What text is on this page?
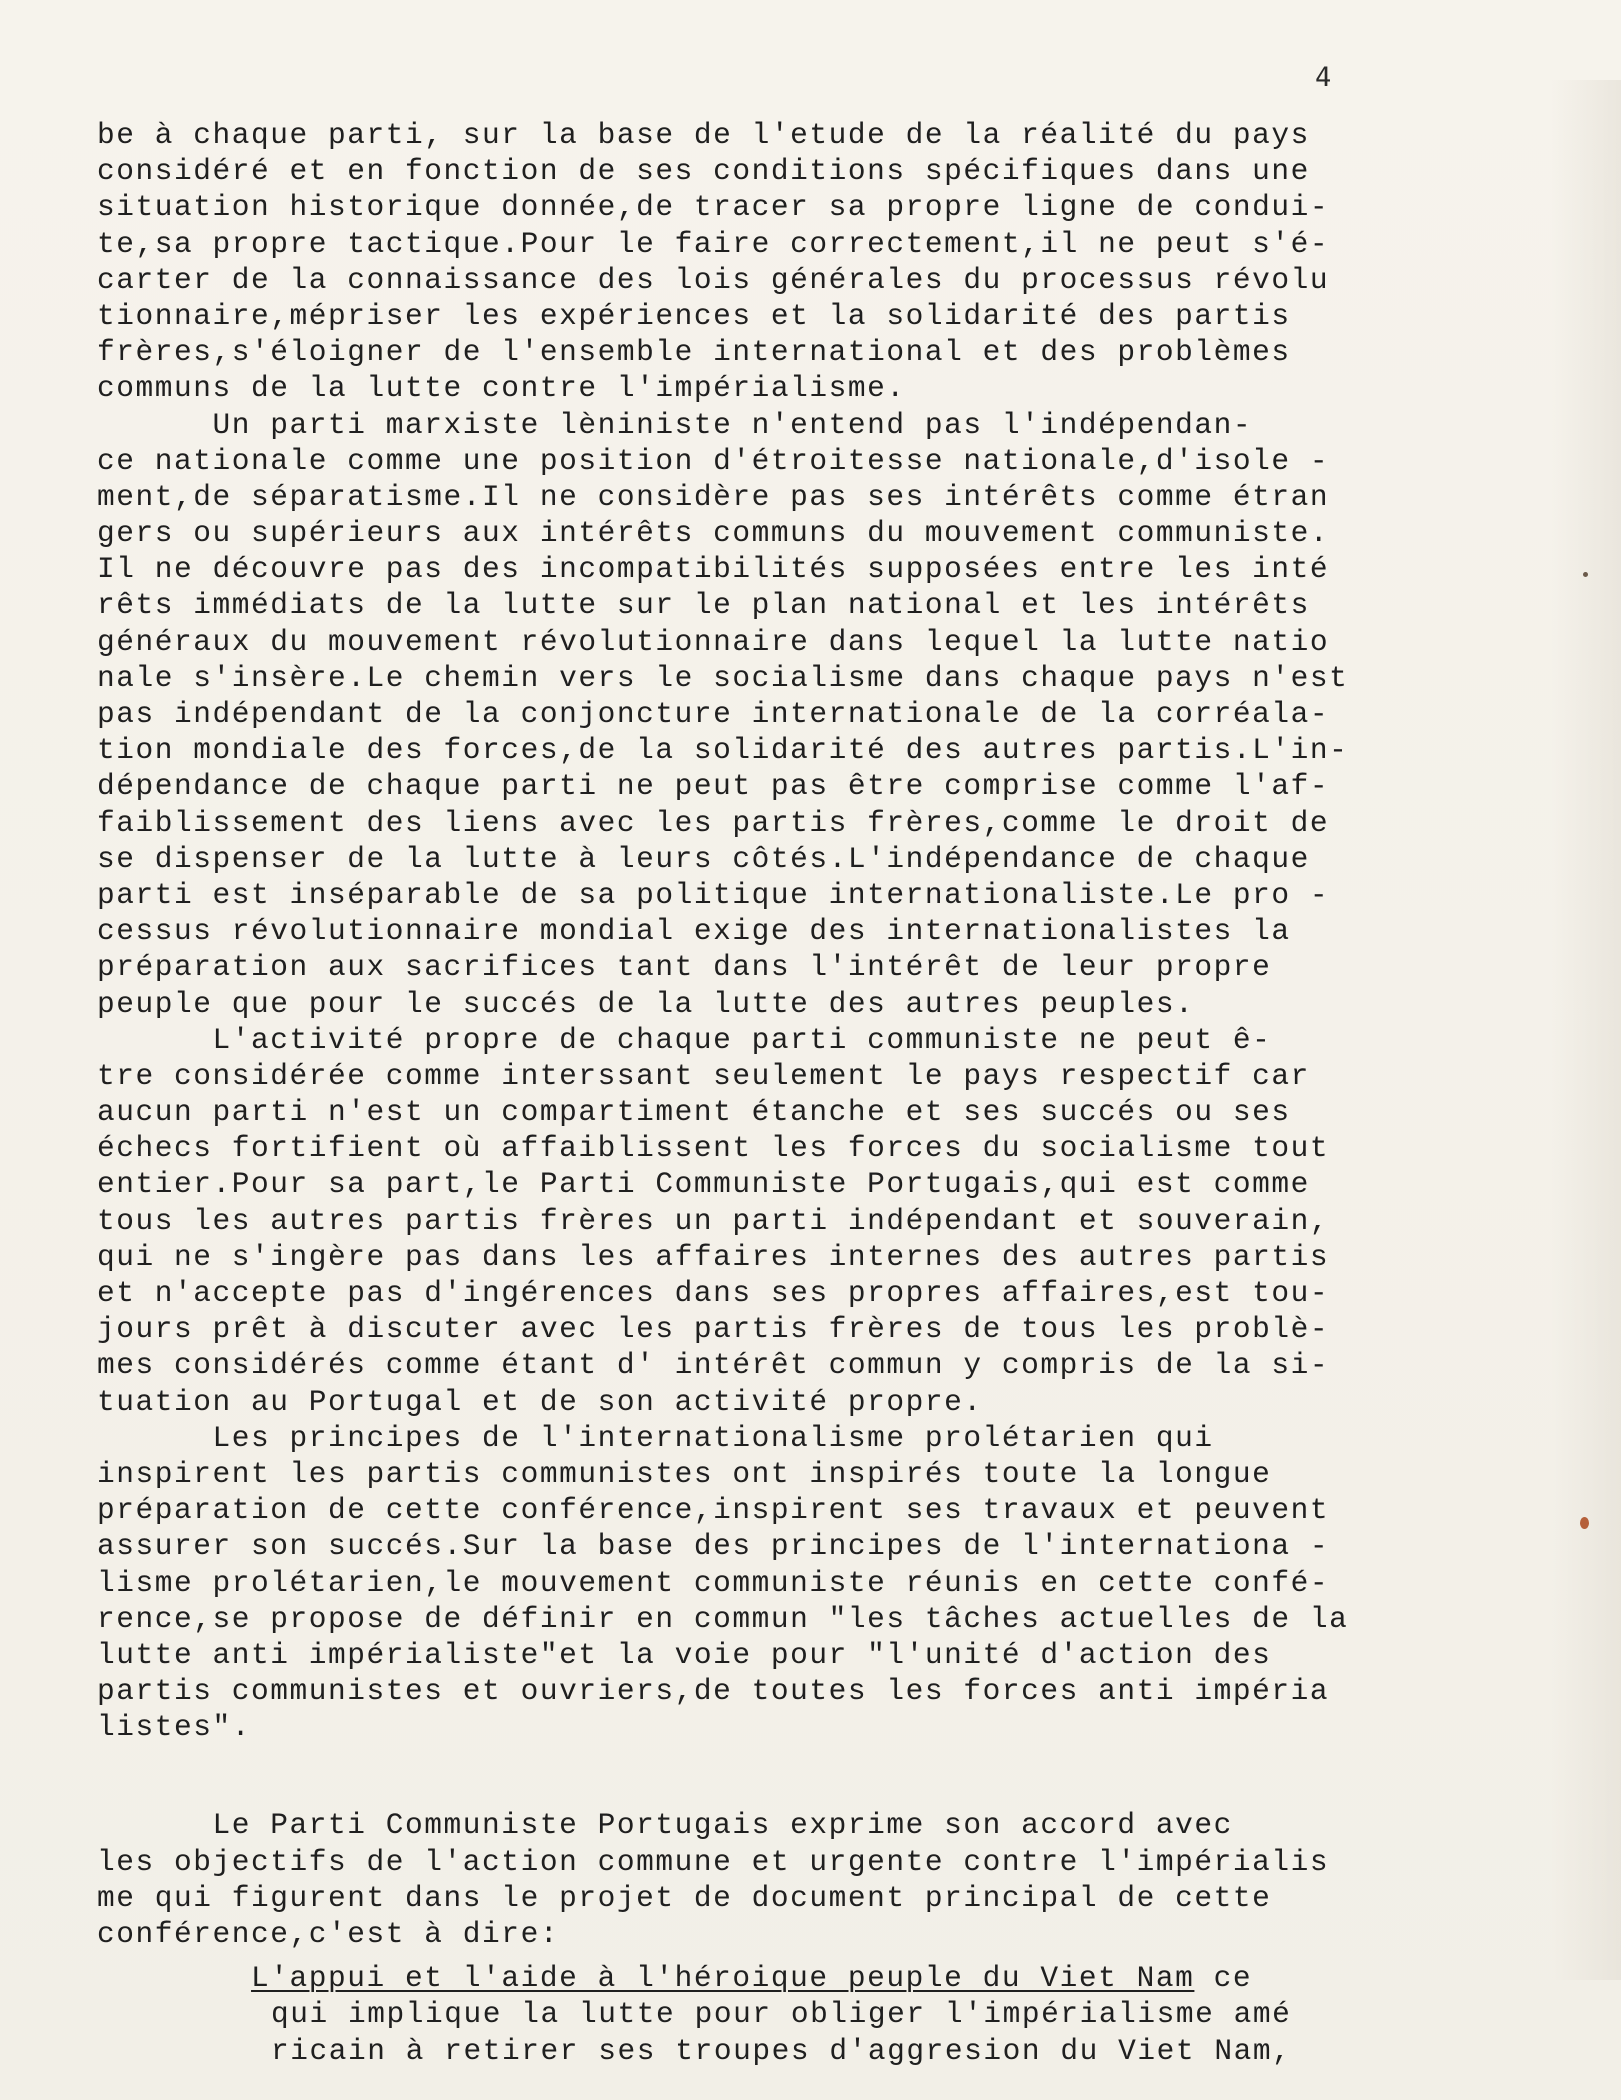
4
be à chaque parti, sur la base de l'etude de la réalité du pays
considéré et en fonction de ses conditions spécifiques dans une
situation historique donnée,de tracer sa propre ligne de condui-
te,sa propre tactique.Pour le faire correctement,il ne peut s'é-
carter de la connaissance des lois générales du processus révolu
tionnaire,mépriser les expériences et la solidarité des partis
frères,s'éloigner de l'ensemble international et des problèmes
communs de la lutte contre l'impérialisme.
Un parti marxiste lèniniste n'entend pas l'indépendan-
ce nationale comme une position d'étroitesse nationale,d'isole -
ment,de séparatisme.Il ne considère pas ses intérêts comme étran
gers ou supérieurs aux intérêts communs du mouvement communiste.
Il ne découvre pas des incompatibilités supposées entre les inté
rêts immédiats de la lutte sur le plan national et les intérêts
généraux du mouvement révolutionnaire dans lequel la lutte natio
nale s'insère.Le chemin vers le socialisme dans chaque pays n'est
pas indépendant de la conjoncture internationale de la corréala-
tion mondiale des forces,de la solidarité des autres partis.L'in-
dépendance de chaque parti ne peut pas être comprise comme l'af-
faiblissement des liens avec les partis frères,comme le droit de
se dispenser de la lutte à leurs côtés.L'indépendance de chaque
parti est inséparable de sa politique internationaliste.Le pro -
cessus révolutionnaire mondial exige des internationalistes la
préparation aux sacrifices tant dans l'intérêt de leur propre
peuple que pour le succés de la lutte des autres peuples.
L'activité propre de chaque parti communiste ne peut ê-
tre considérée comme interssant seulement le pays respectif car
aucun parti n'est un compartiment étanche et ses succés ou ses
échecs fortifient où affaiblissent les forces du socialisme tout
entier.Pour sa part,le Parti Communiste Portugais,qui est comme
tous les autres partis frères un parti indépendant et souverain,
qui ne s'ingère pas dans les affaires internes des autres partis
et n'accepte pas d'ingérences dans ses propres affaires,est tou-
jours prêt à discuter avec les partis frères de tous les problè-
mes considérés comme étant d' intérêt commun y compris de la si-
tuation au Portugal et de son activité propre.
Les principes de l'internationalisme prolétarien qui
inspirent les partis communistes ont inspirés toute la longue
préparation de cette conférence,inspirent ses travaux et peuvent
assurer son succés.Sur la base des principes de l'internationa -
lisme prolétarien,le mouvement communiste réunis en cette confé-
rence,se propose de définir en commun "les tâches actuelles de la
lutte anti impérialiste"et la voie pour "l'unité d'action des
partis communistes et ouvriers,de toutes les forces anti impéria
listes".
Le Parti Communiste Portugais exprime son accord avec
les objectifs de l'action commune et urgente contre l'impérialis
me qui figurent dans le projet de document principal de cette
conférence,c'est à dire:
L'appui et l'aide à l'héroique peuple du Viet Nam ce
qui implique la lutte pour obliger l'impérialisme amé
ricain à retirer ses troupes d'aggresion du Viet Nam,
